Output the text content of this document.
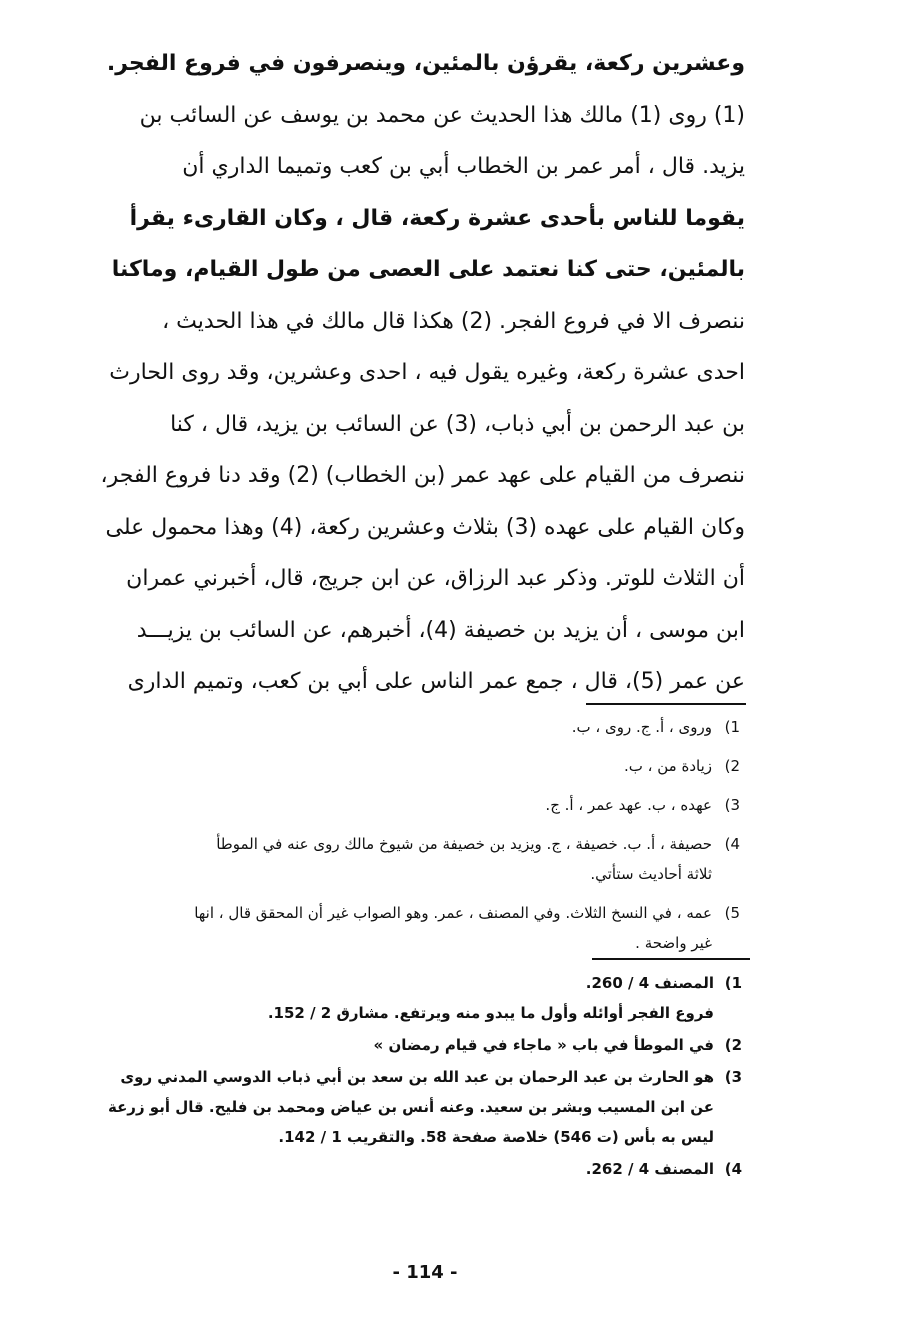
وعشرين ركعة، يقرؤن بالمئين، وينصرفون في فروع الفجر.
(1) روى (1) مالك هذا الحديث عن محمد بن يوسف عن السائب بن
يزيد. قال ، أمر عمر بن الخطاب أبي بن كعب وتميما الداري أن
يقوما للناس بأحدى عشرة ركعة، قال ، وكان القارىء يقرأ
بالمئين، حتى كنا نعتمد على العصى من طول القيام، وماكنا
ننصرف الا في فروع الفجر. (2) هكذا قال مالك في هذا الحديث ،
احدى عشرة ركعة، وغيره يقول فيه ، احدى وعشرين، وقد روى الحارث
بن عبد الرحمن بن أبي ذباب، (3) عن السائب بن يزيد، قال ، كنا
ننصرف من القيام على عهد عمر (بن الخطاب) (2) وقد دنا فروع الفجر،
وكان القيام على عهده (3) بثلاث وعشرين ركعة، (4) وهذا محمول على
أن الثلاث للوتر. وذكر عبد الرزاق، عن ابن جريج، قال، أخبرني عمران
ابن موسى ، أن يزيد بن خصيفة (4)، أخبرهم، عن السائب بن يزيـــد
عن عمر (5)، قال ، جمع عمر الناس على أبي بن كعب، وتميم الدارى
1)
وروى ، أ. ج. روى ، ب.
2)
زيادة من ، ب.
3)
عهده ، ب. عهد عمر ، أ. ج.
4)
حصيفة ، أ. ب. خصيفة ، ج. ويزيد بن خصيفة من شيوخ مالك روى عنه في الموطأ
ثلاثة أحاديث ستأتي.
5)
عمه ، في النسخ الثلاث. وفي المصنف ، عمر. وهو الصواب غير أن المحقق قال ، انها
غير واضحة .
1)
المصنف 4 / 260.
فروع الفجر أوائله وأول ما يبدو منه ويرتفع. مشارق 2 / 152.
2)
في الموطأ في باب « ماجاء في قيام رمضان »
3)
هو الحارث بن عبد الرحمان بن عبد الله بن سعد بن أبي ذباب الدوسي المدني روى
عن ابن المسيب وبشر بن سعيد. وعنه أنس بن عياض ومحمد بن فليح. قال أبو زرعة
ليس به بأس (ت 546) خلاصة صفحة 58. والتقريب 1 / 142.
4)
المصنف 4 / 262.
- 114 -
